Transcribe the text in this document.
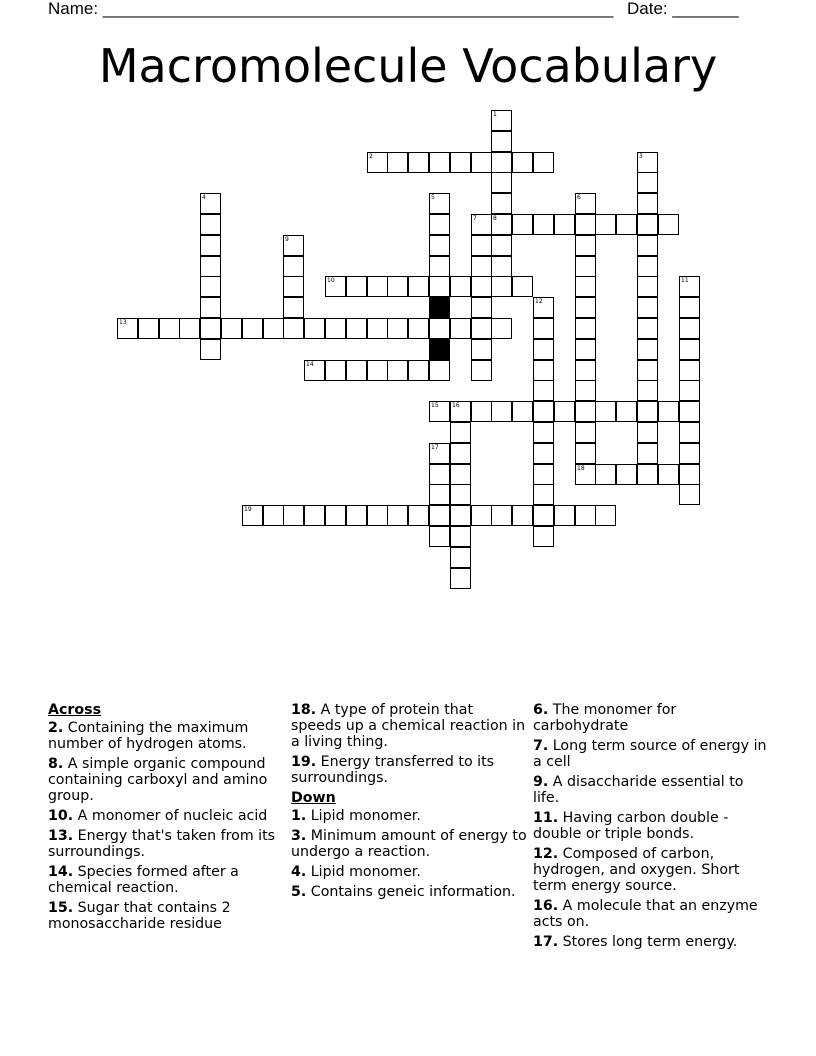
Name: ______________________________________________________ Date: _______
Macromolecule Vocabulary
1
8
2	3
4	5	6
7
9
10	11
12
13
14
15 16
17
18
19
Across
2. Containing the maximum number of hydrogen atoms.
8. A simple organic compound containing carboxyl and amino group.
10. A monomer of nucleic acid
13. Energy that's taken from its surroundings.
14. Species formed after a chemical reaction.
15. Sugar that contains 2 monosaccharide residue
18. A type of protein that speeds up a chemical reaction in a living thing.
19. Energy transferred to its surroundings.
Down
1. Lipid monomer.
3. Minimum amount of energy to undergo a reaction.
4. Lipid monomer.
5. Contains geneic information.
6. The monomer for carbohydrate
7. Long term source of energy in a cell
9. A disaccharide essential to life.
11. Having carbon double - double or triple bonds.
12. Composed of carbon, hydrogen, and oxygen. Short term energy source.
16. A molecule that an enzyme acts on.
17. Stores long term energy.
